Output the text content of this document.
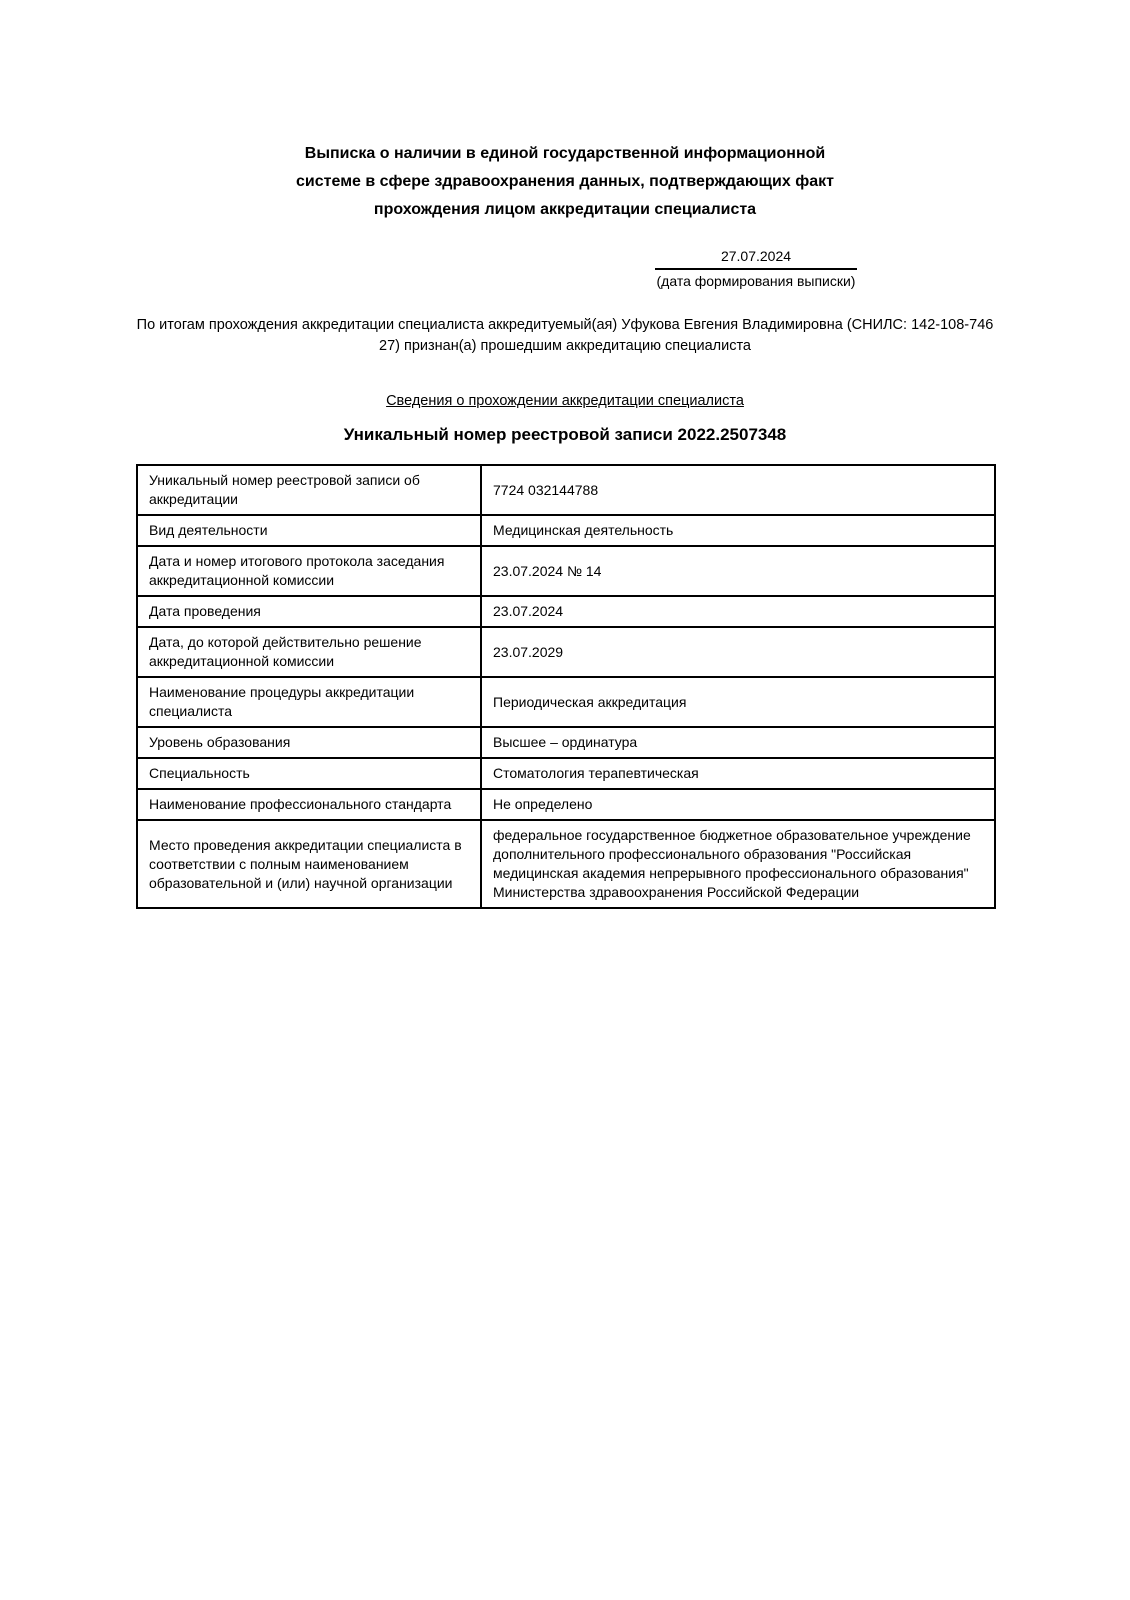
Выписка о наличии в единой государственной информационной
системе в сфере здравоохранения данных, подтверждающих факт
прохождения лицом аккредитации специалиста
27.07.2024
(дата формирования выписки)
По итогам прохождения аккредитации специалиста аккредитуемый(ая) Уфукова Евгения Владимировна (СНИЛС: 142-108-746
27) признан(а) прошедшим аккредитацию специалиста
Сведения о прохождении аккредитации специалиста
Уникальный номер реестровой записи 2022.2507348
Уникальный номер реестровой записи об аккредитации	7724 032144788
Вид деятельности	Медицинская деятельность
Дата и номер итогового протокола заседания аккредитационной комиссии	23.07.2024 № 14
Дата проведения	23.07.2024
Дата, до которой действительно решение аккредитационной комиссии	23.07.2029
Наименование процедуры аккредитации специалиста	Периодическая аккредитация
Уровень образования	Высшее – ординатура
Специальность	Стоматология терапевтическая
Наименование профессионального стандарта	Не определено
Место проведения аккредитации специалиста в соответствии с полным наименованием образовательной и (или) научной организации	федеральное государственное бюджетное образовательное учреждение дополнительного профессионального образования "Российская медицинская академия непрерывного профессионального образования" Министерства здравоохранения Российской Федерации
